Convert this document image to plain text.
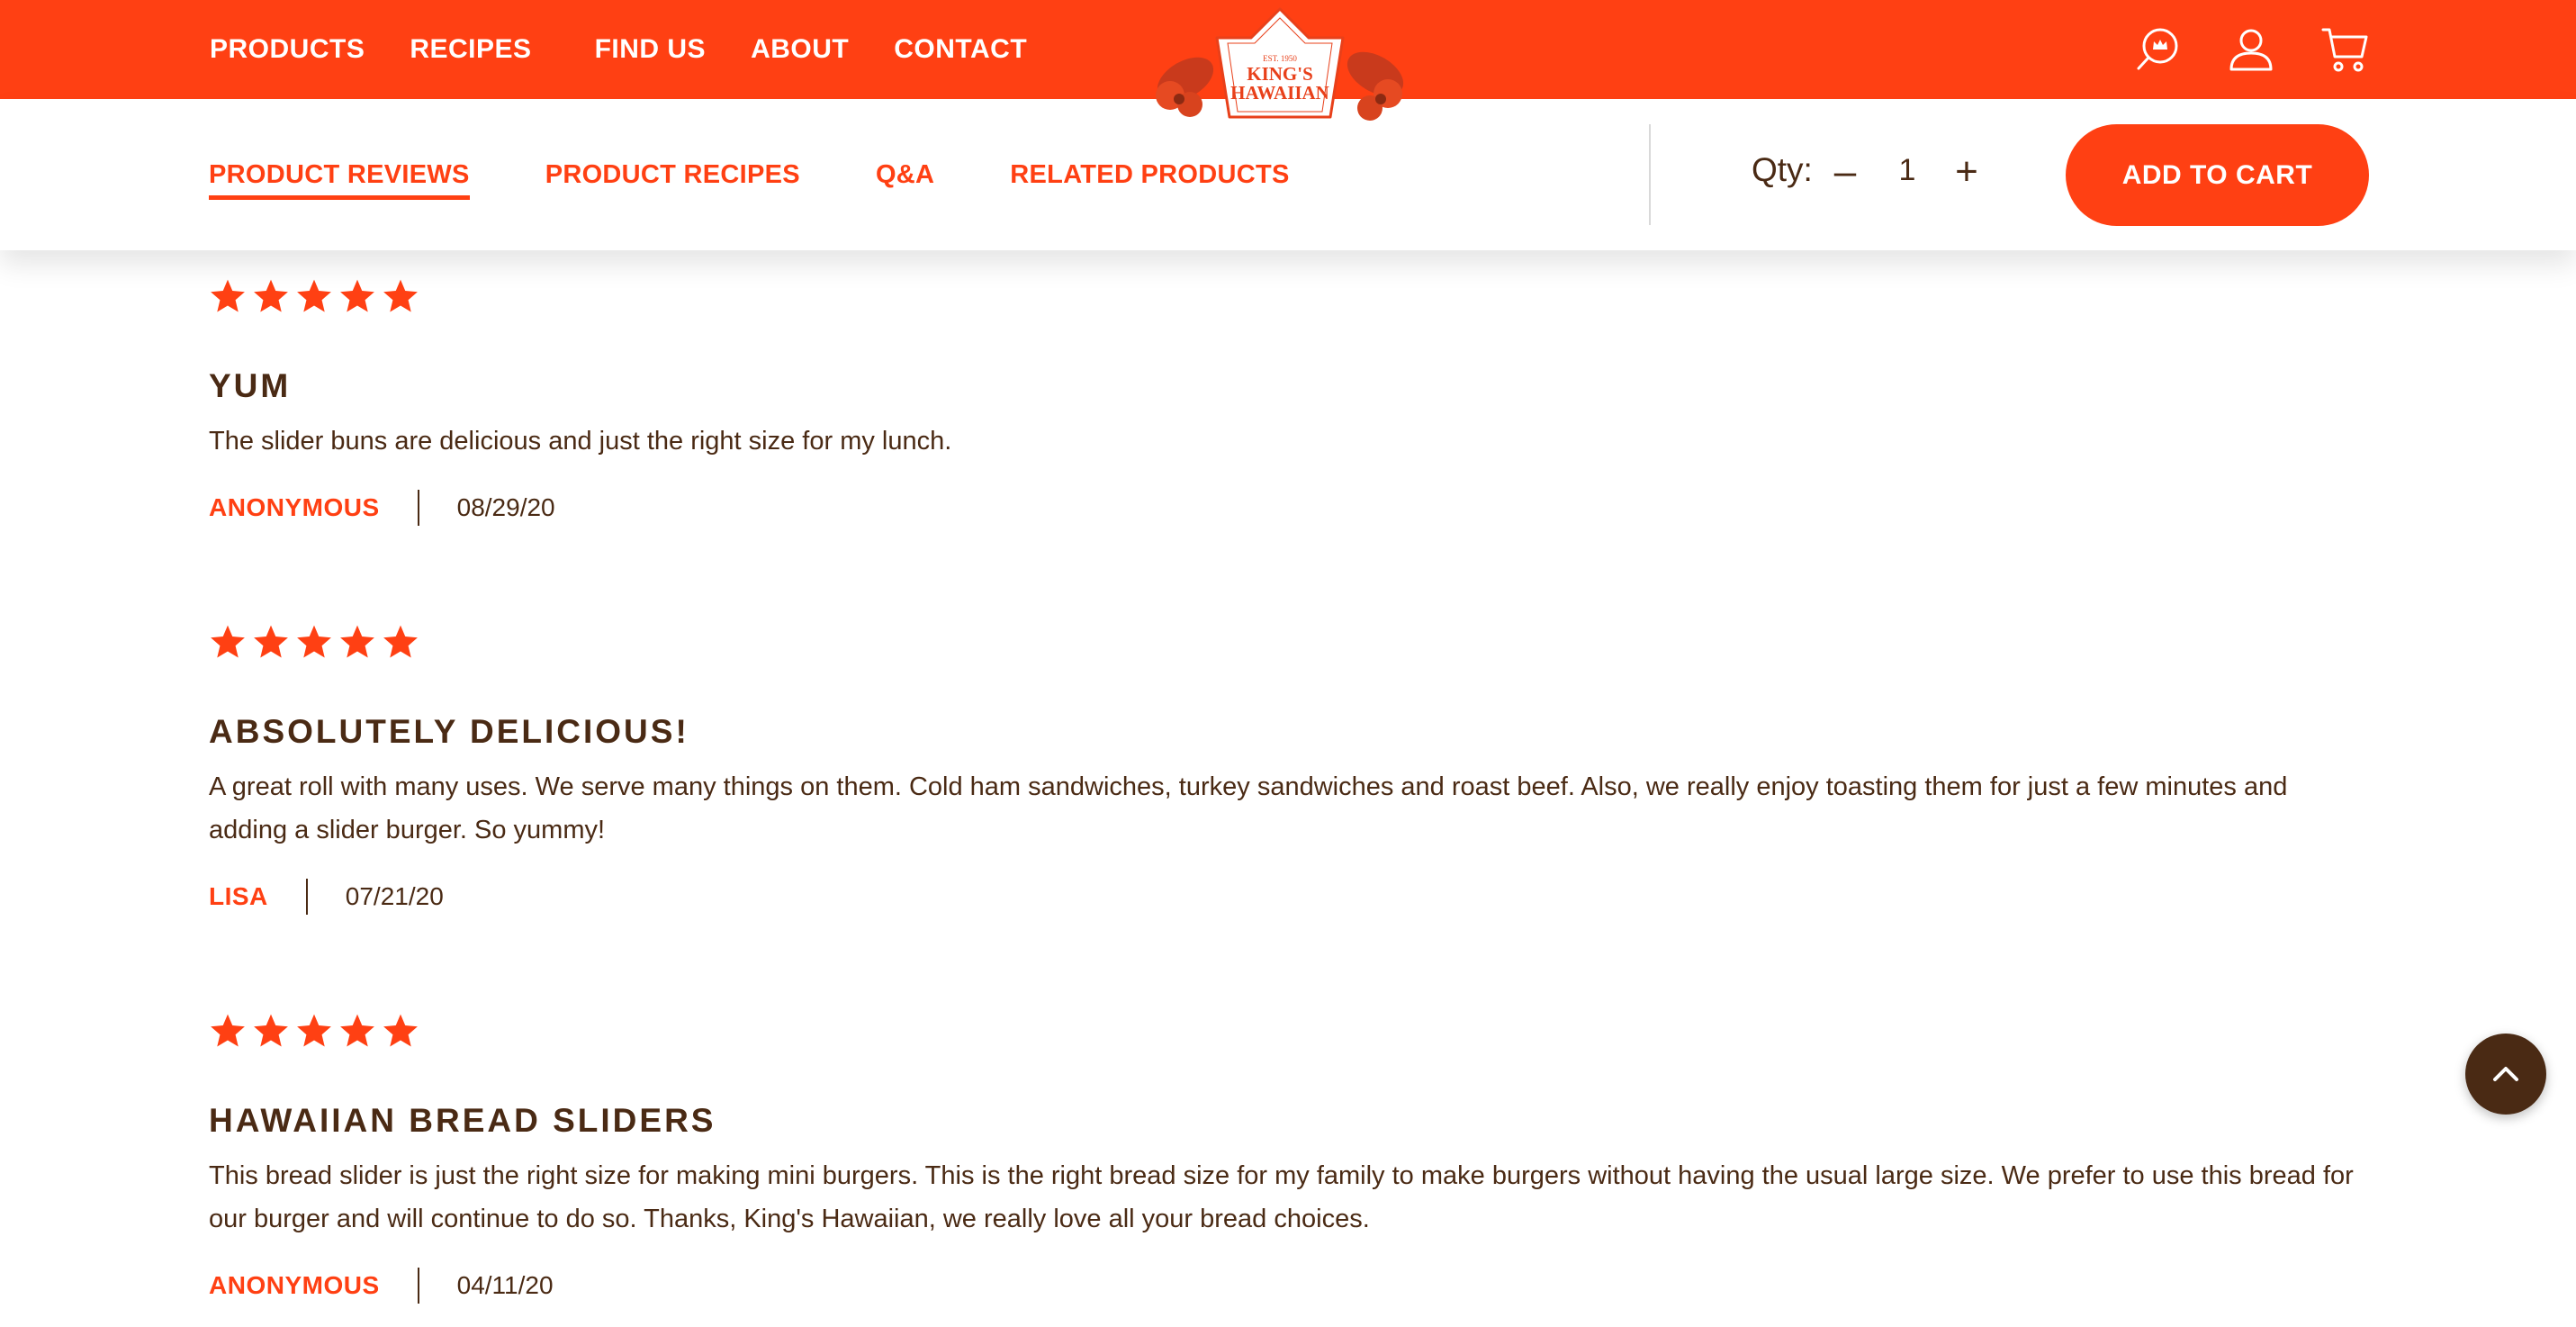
PRODUCTS RECIPES FIND US ABOUT CONTACT	EST. 1950
KING'S
HAWAIIAN
PRODUCT REVIEWS	PRODUCT RECIPES	Q&A	RELATED PRODUCTS	Qty: –
1 +	ADD TO CART
YUM
The slider buns are delicious and just the right size for my lunch.
ANONYMOUS	08/29/20
ABSOLUTELY DELICIOUS!
A great roll with many uses. We serve many things on them. Cold ham sandwiches, turkey sandwiches and roast beef. Also, we really enjoy toasting them for just a few minutes and adding a slider burger. So yummy!
LISA	07/21/20
HAWAIIAN BREAD SLIDERS
This bread slider is just the right size for making mini burgers. This is the right bread size for my family to make burgers without having the usual large size. We prefer to use this bread for our burger and will continue to do so. Thanks, King's Hawaiian, we really love all your bread choices.
ANONYMOUS	04/11/20
